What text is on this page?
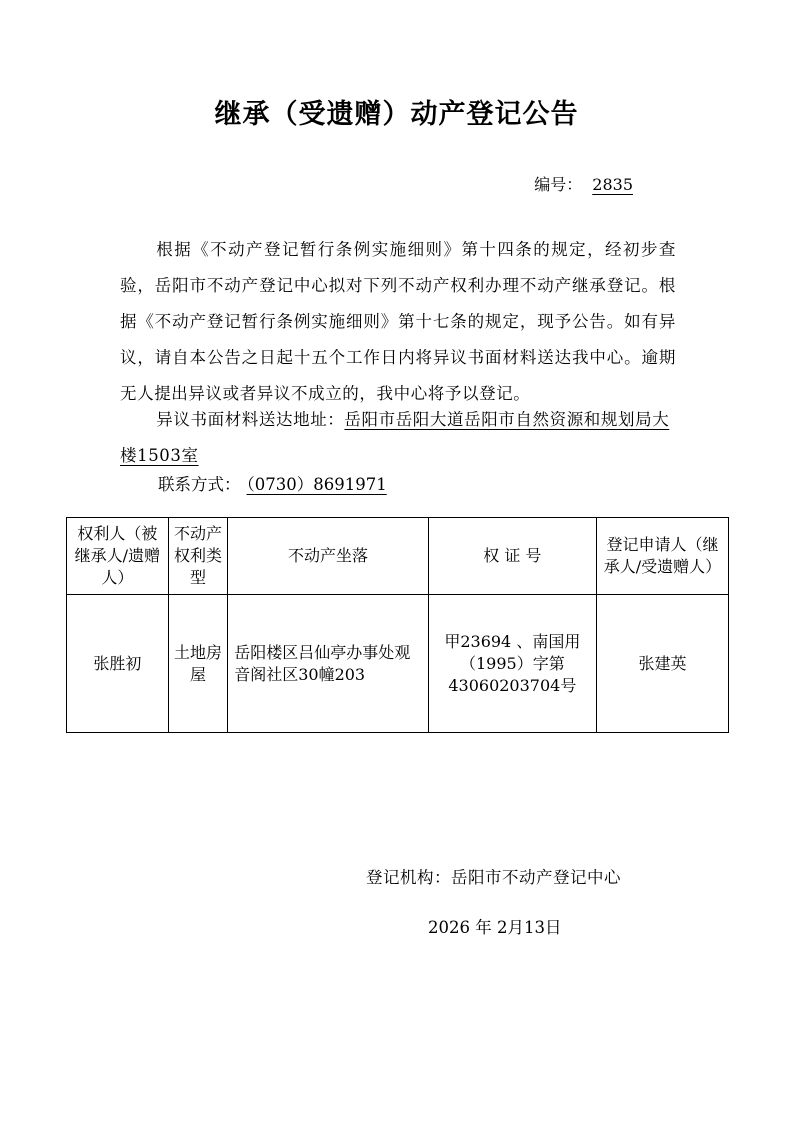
继承（受遗赠）动产登记公告
编号： 2835

根据《不动产登记暂行条例实施细则》第十四条的规定，经初步查验，岳阳市不动产登记中心拟对下列不动产权利办理不动产继承登记。根据《不动产登记暂行条例实施细则》第十七条的规定，现予公告。如有异议，请自本公告之日起十五个工作日内将异议书面材料送达我中心。逾期无人提出异议或者异议不成立的，我中心将予以登记。

异议书面材料送达地址：岳阳市岳阳大道岳阳市自然资源和规划局大楼1503室

联系方式： （0730）8691971
权利人（被继承人/遗赠人）	不动产权利类型	不动产坐落	权 证 号	登记申请人（继承人/受遗赠人）
张胜初	土地房屋	岳阳楼区吕仙亭办事处观音阁社区30幢203	甲23694 、南国用（1995）字第43060203704号	张建英
登记机构：岳阳市不动产登记中心
2026 年 2月13日
